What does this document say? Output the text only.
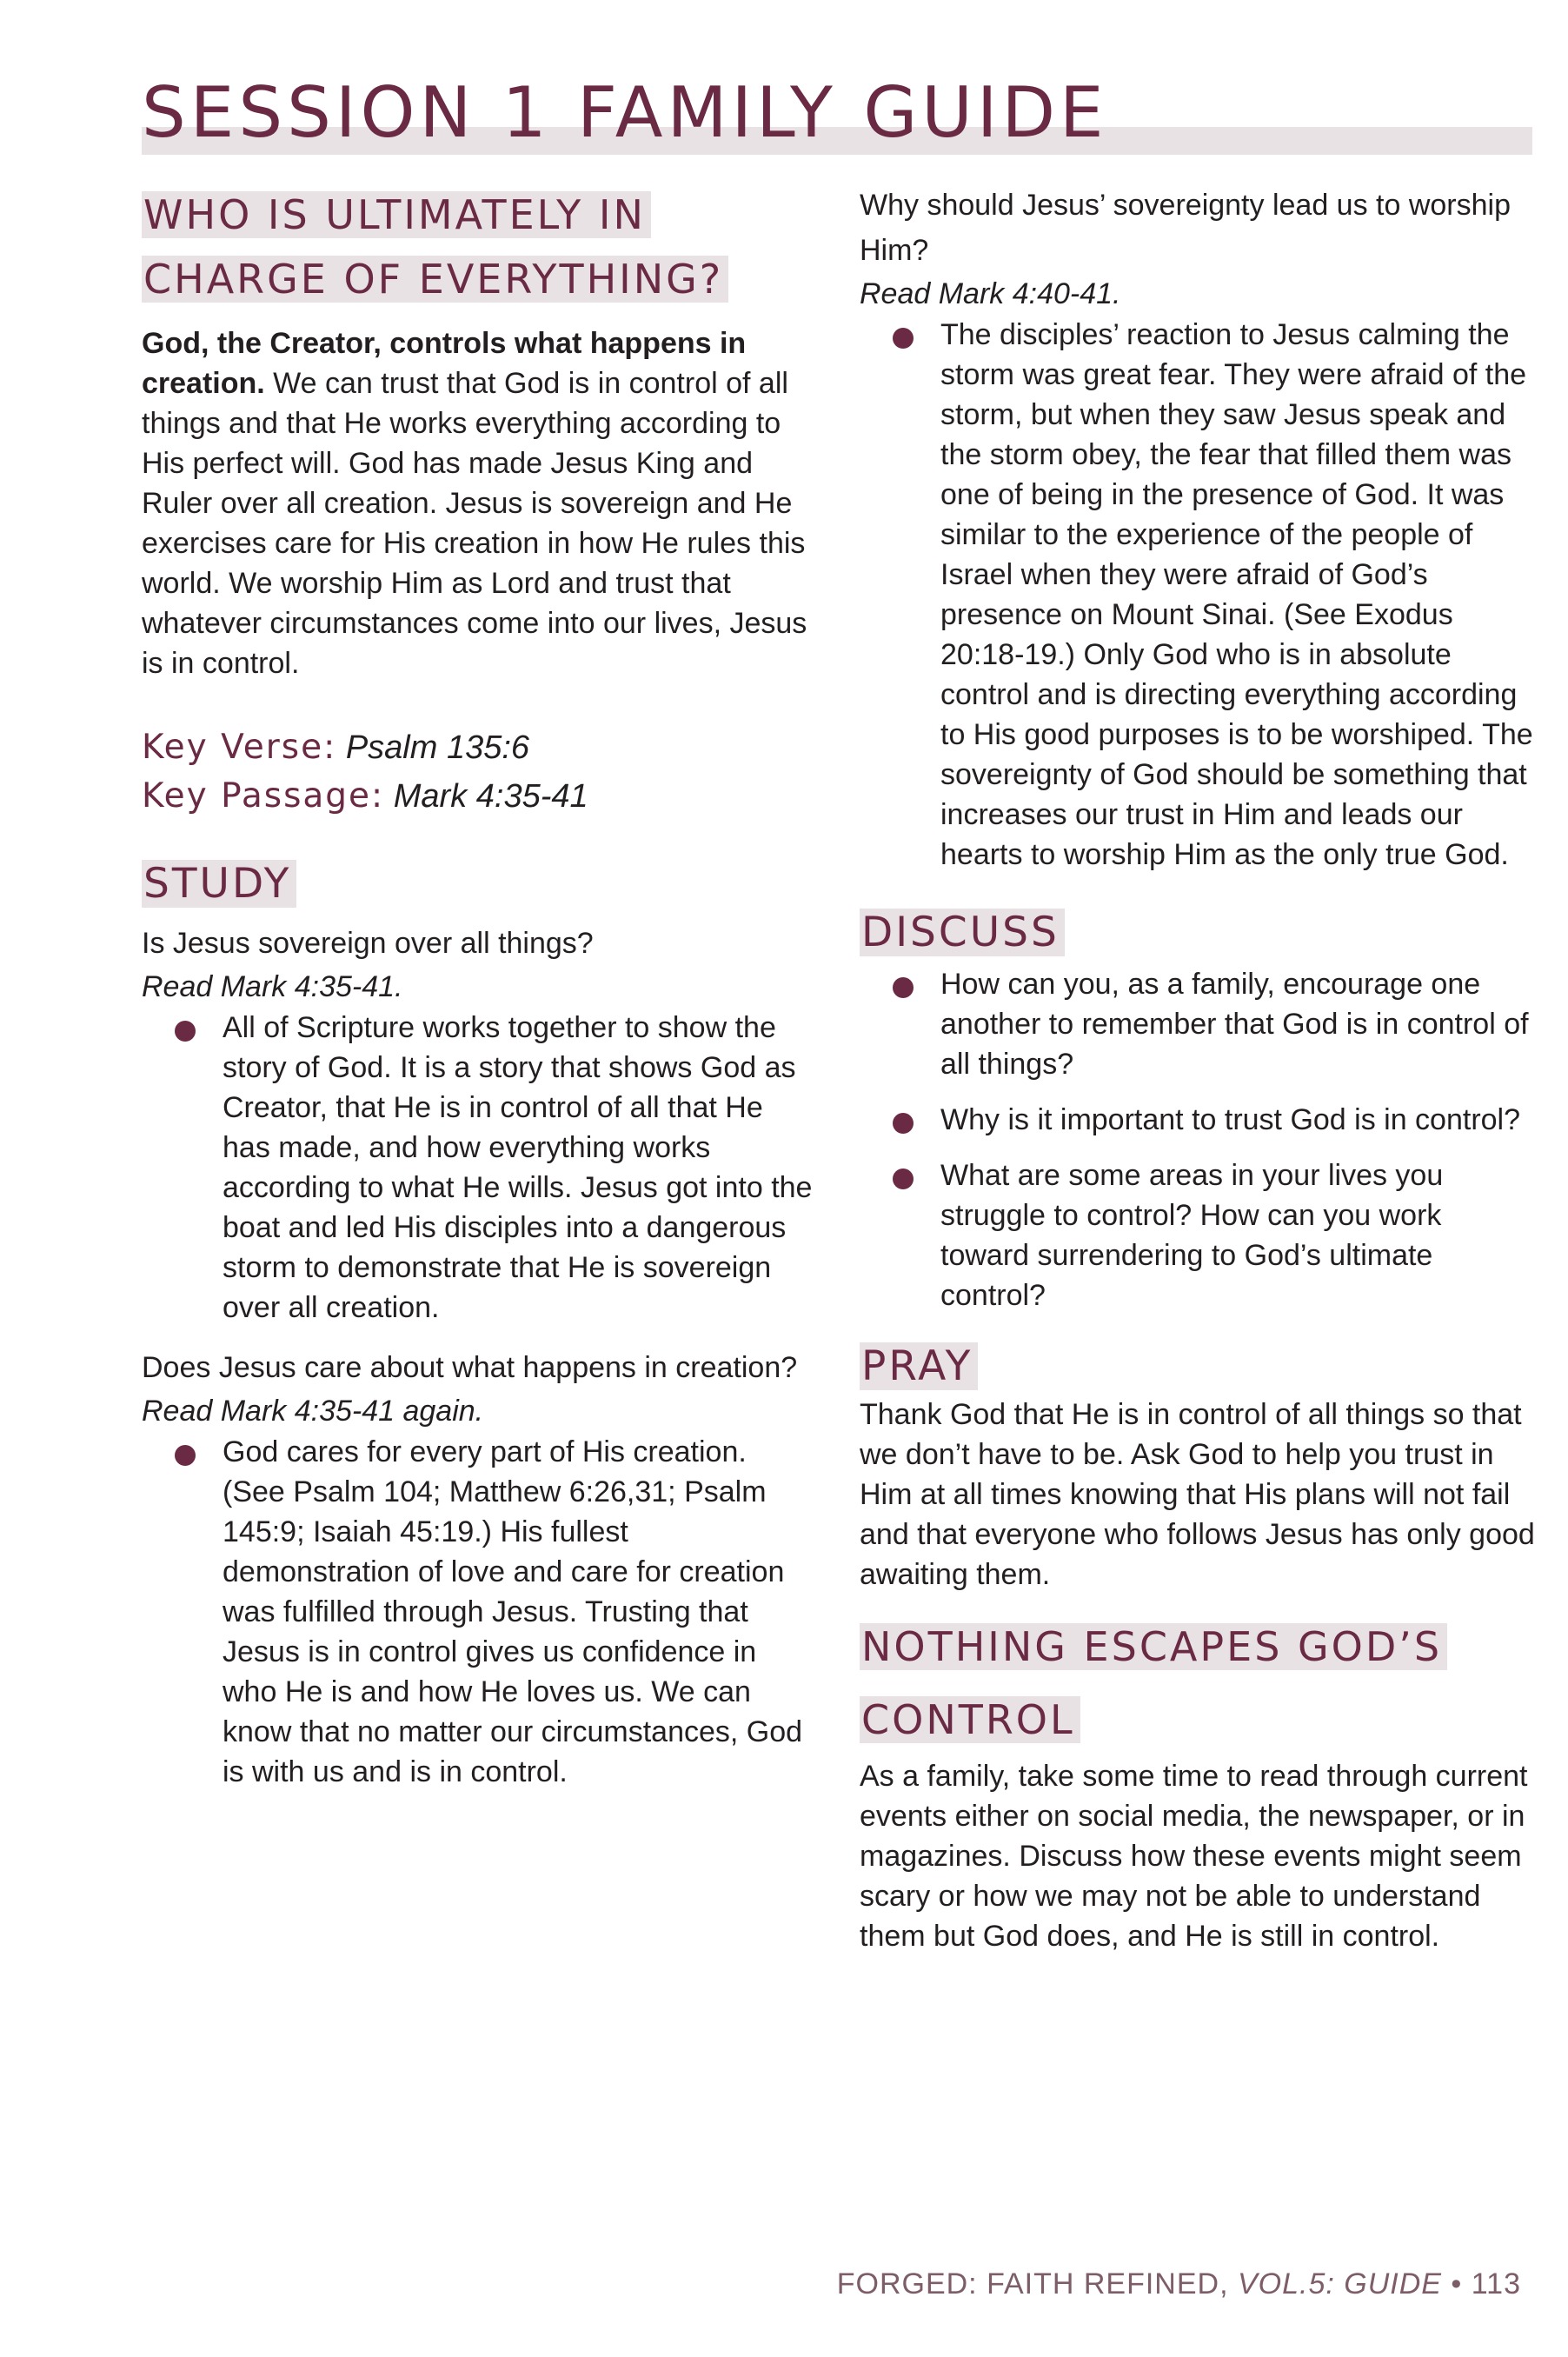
SESSION 1 FAMILY GUIDE
WHO IS ULTIMATELY IN CHARGE OF EVERYTHING?

God, the Creator, controls what happens in creation. We can trust that God is in control of all things and that He works everything according to His perfect will. God has made Jesus King and Ruler over all creation. Jesus is sovereign and He exercises care for His creation in how He rules this world. We worship Him as Lord and trust that whatever circumstances come into our lives, Jesus is in control.

Key Verse: Psalm 135:6
Key Passage: Mark 4:35-41
STUDY

Is Jesus sovereign over all things?

Read Mark 4:35-41.

All of Scripture works together to show the story of God. It is a story that shows God as Creator, that He is in control of all that He has made, and how everything works according to what He wills. Jesus got into the boat and led His disciples into a dangerous storm to demonstrate that He is sovereign over all creation.

Does Jesus care about what happens in creation?

Read Mark 4:35-41 again.

God cares for every part of His creation. (See Psalm 104; Matthew 6:26,31; Psalm 145:9; Isaiah 45:19.) His fullest demonstration of love and care for creation was fulfilled through Jesus. Trusting that Jesus is in control gives us confidence in who He is and how He loves us. We can know that no matter our circumstances, God is with us and is in control.

Why should Jesus’ sovereignty lead us to worship Him?

Read Mark 4:40-41.

The disciples’ reaction to Jesus calming the storm was great fear. They were afraid of the storm, but when they saw Jesus speak and the storm obey, the fear that filled them was one of being in the presence of God. It was similar to the experience of the people of Israel when they were afraid of God’s presence on Mount Sinai. (See Exodus 20:18-19.) Only God who is in absolute control and is directing everything according to His good purposes is to be worshiped. The sovereignty of God should be something that increases our trust in Him and leads our hearts to worship Him as the only true God.
DISCUSS
How can you, as a family, encourage one another to remember that God is in control of all things?
Why is it important to trust God is in control?
What are some areas in your lives you struggle to control? How can you work toward surrendering to God’s ultimate control?
PRAY

Thank God that He is in control of all things so that we don’t have to be. Ask God to help you trust in Him at all times knowing that His plans will not fail and that everyone who follows Jesus has only good awaiting them.

NOTHING ESCAPES GOD’S CONTROL

As a family, take some time to read through current events either on social media, the newspaper, or in magazines. Discuss how these events might seem scary or how we may not be able to understand them but God does, and He is still in control.

FORGED: FAITH REFINED, VOL.5: GUIDE • 113
